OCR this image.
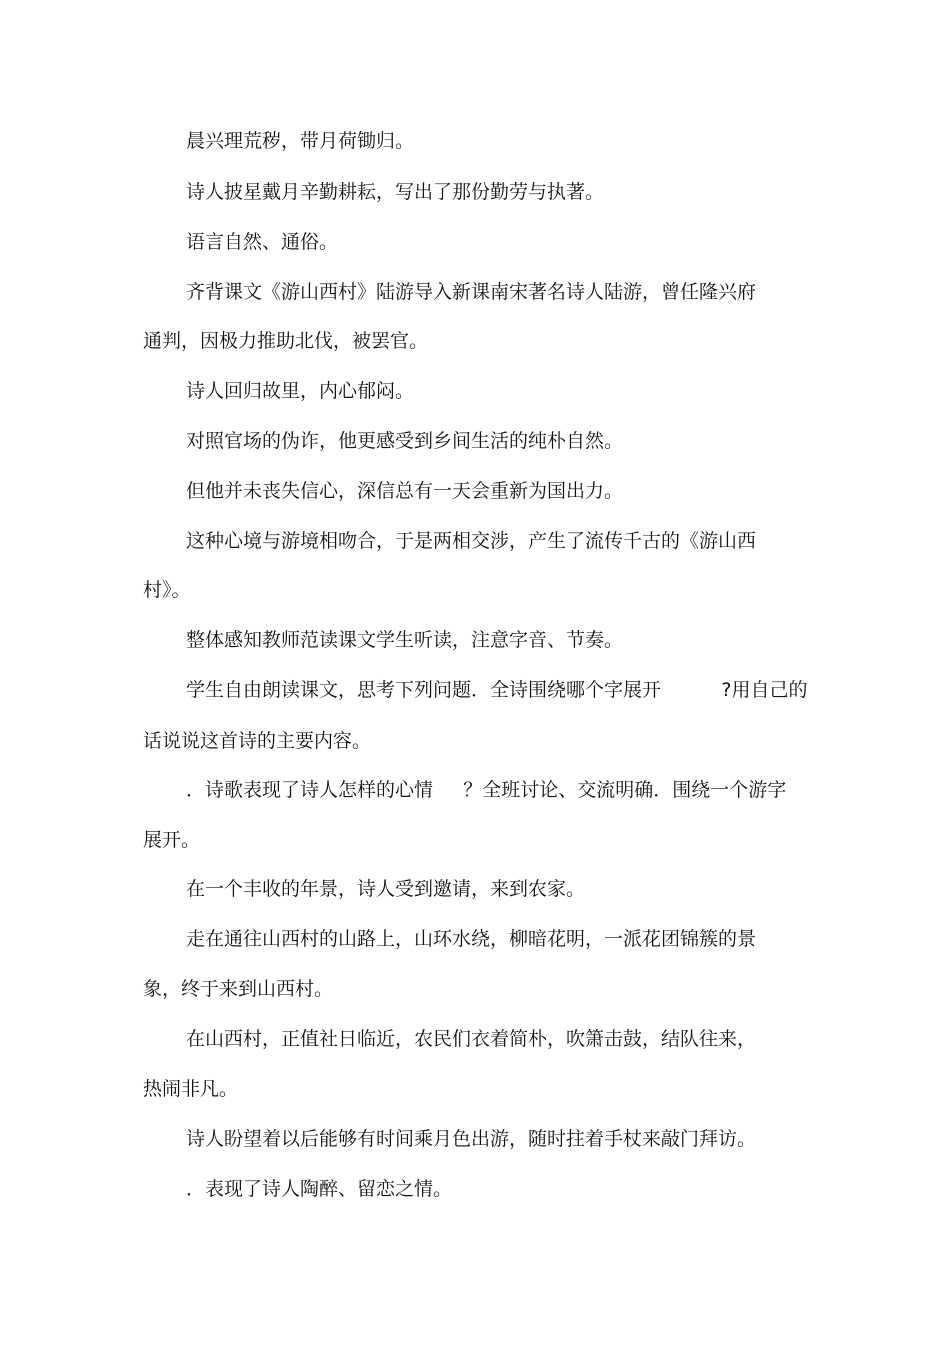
晨兴理荒秽，带月荷锄归。

诗人披星戴月辛勤耕耘，写出了那份勤劳与执著。

语言自然、通俗。

齐背课文《游山西村》陆游导入新课南宋著名诗人陆游，曾任隆兴府

通判，因极力推助北伐，被罢官。

诗人回归故里，内心郁闷。

对照官场的伪诈，他更感受到乡间生活的纯朴自然。

但他并未丧失信心，深信总有一天会重新为国出力。

这种心境与游境相吻合，于是两相交涉，产生了流传千古的《游山西

村》。

整体感知教师范读课文学生听读，注意字音、节奏。

学生自由朗读课文，思考下列问题．全诗围绕哪个字展开          ?用自己的

话说说这首诗的主要内容。

．诗歌表现了诗人怎样的心情     ？全班讨论、交流明确．围绕一个游字

展开。

在一个丰收的年景，诗人受到邀请，来到农家。

走在通往山西村的山路上，山环水绕，柳暗花明，一派花团锦簇的景

象，终于来到山西村。

在山西村，正值社日临近，农民们衣着简朴，吹箫击鼓，结队往来，

热闹非凡。

诗人盼望着以后能够有时间乘月色出游，随时拄着手杖来敲门拜访。

．表现了诗人陶醉、留恋之情。
